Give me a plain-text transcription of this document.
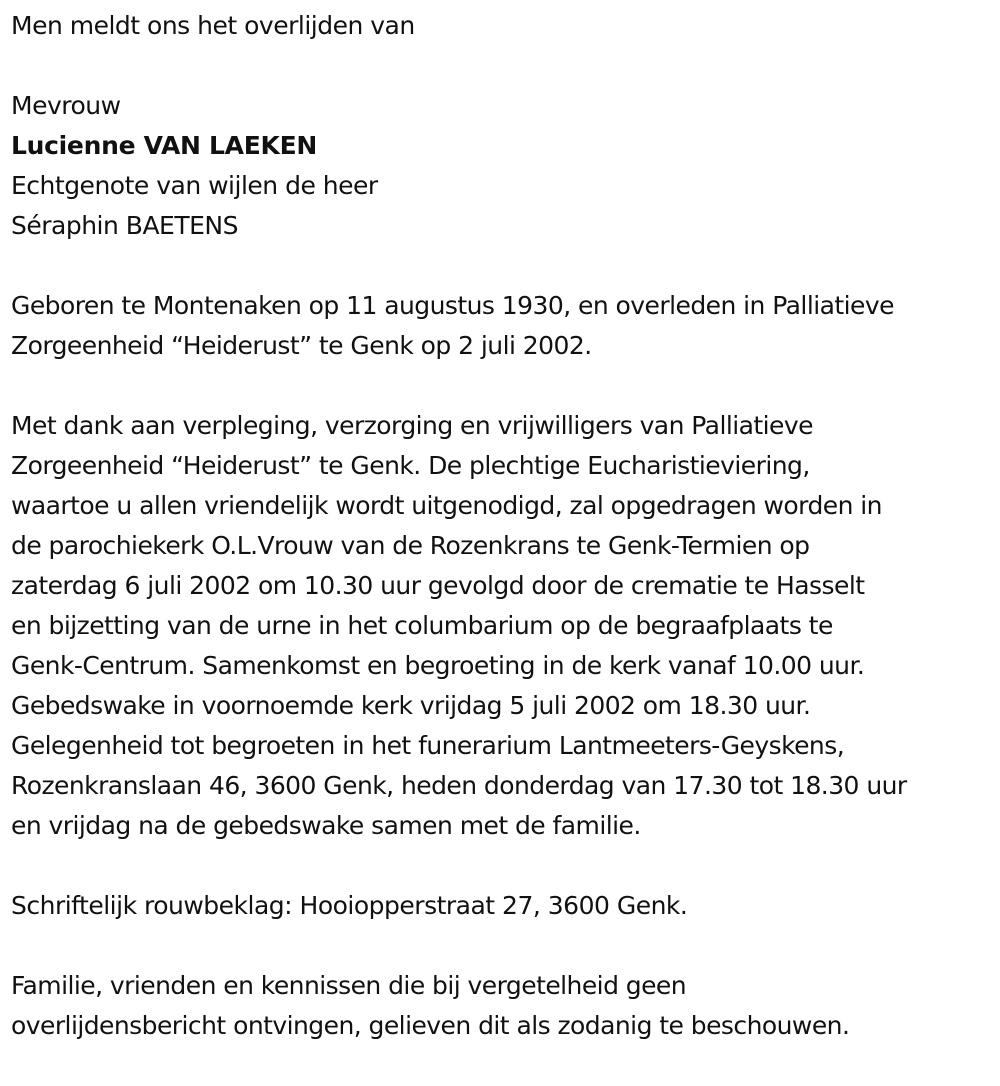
Men meldt ons het overlijden van
Mevrouw
Lucienne VAN LAEKEN
Echtgenote van wijlen de heer
Séraphin BAETENS
Geboren te Montenaken op 11 augustus 1930, en overleden in Palliatieve
Zorgeenheid “Heiderust” te Genk op 2 juli 2002.
Met dank aan verpleging, verzorging en vrijwilligers van Palliatieve
Zorgeenheid “Heiderust” te Genk. De plechtige Eucharistieviering,
waartoe u allen vriendelijk wordt uitgenodigd, zal opgedragen worden in
de parochiekerk O.L.Vrouw van de Rozenkrans te Genk-Termien op
zaterdag 6 juli 2002 om 10.30 uur gevolgd door de crematie te Hasselt
en bijzetting van de urne in het columbarium op de begraafplaats te
Genk-Centrum. Samenkomst en begroeting in de kerk vanaf 10.00 uur.
Gebedswake in voornoemde kerk vrijdag 5 juli 2002 om 18.30 uur.
Gelegenheid tot begroeten in het funerarium Lantmeeters-Geyskens,
Rozenkranslaan 46, 3600 Genk, heden donderdag van 17.30 tot 18.30 uur
en vrijdag na de gebedswake samen met de familie.
Schriftelijk rouwbeklag: Hooiopperstraat 27, 3600 Genk.
Familie, vrienden en kennissen die bij vergetelheid geen
overlijdensbericht ontvingen, gelieven dit als zodanig te beschouwen.
